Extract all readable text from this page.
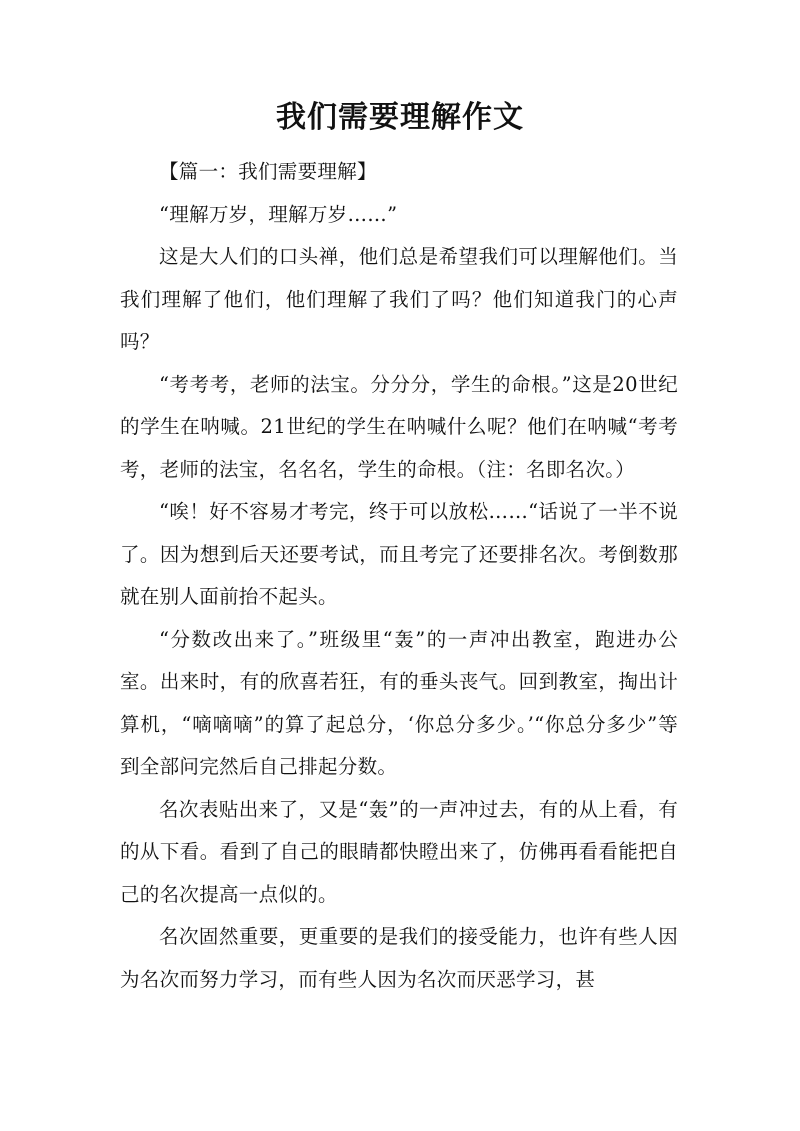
我们需要理解作文

【篇一：我们需要理解】

“理解万岁，理解万岁……”

这是大人们的口头禅，他们总是希望我们可以理解他们。当我们理解了他们，他们理解了我们了吗？他们知道我门的心声吗？

“考考考，老师的法宝。分分分，学生的命根。”这是20世纪的学生在呐喊。21世纪的学生在呐喊什么呢？他们在呐喊“考考考，老师的法宝，名名名，学生的命根。（注：名即名次。）

“唉！好不容易才考完，终于可以放松……“话说了一半不说了。因为想到后天还要考试，而且考完了还要排名次。考倒数那就在别人面前抬不起头。

“分数改出来了。”班级里“轰”的一声冲出教室，跑进办公室。出来时，有的欣喜若狂，有的垂头丧气。回到教室，掏出计算机，“嘀嘀嘀”的算了起总分，‘你总分多少。’“你总分多少”等到全部问完然后自己排起分数。

名次表贴出来了，又是“轰”的一声冲过去，有的从上看，有的从下看。看到了自己的眼睛都快瞪出来了，仿佛再看看能把自己的名次提高一点似的。

名次固然重要，更重要的是我们的接受能力，也许有些人因为名次而努力学习，而有些人因为名次而厌恶学习，甚
